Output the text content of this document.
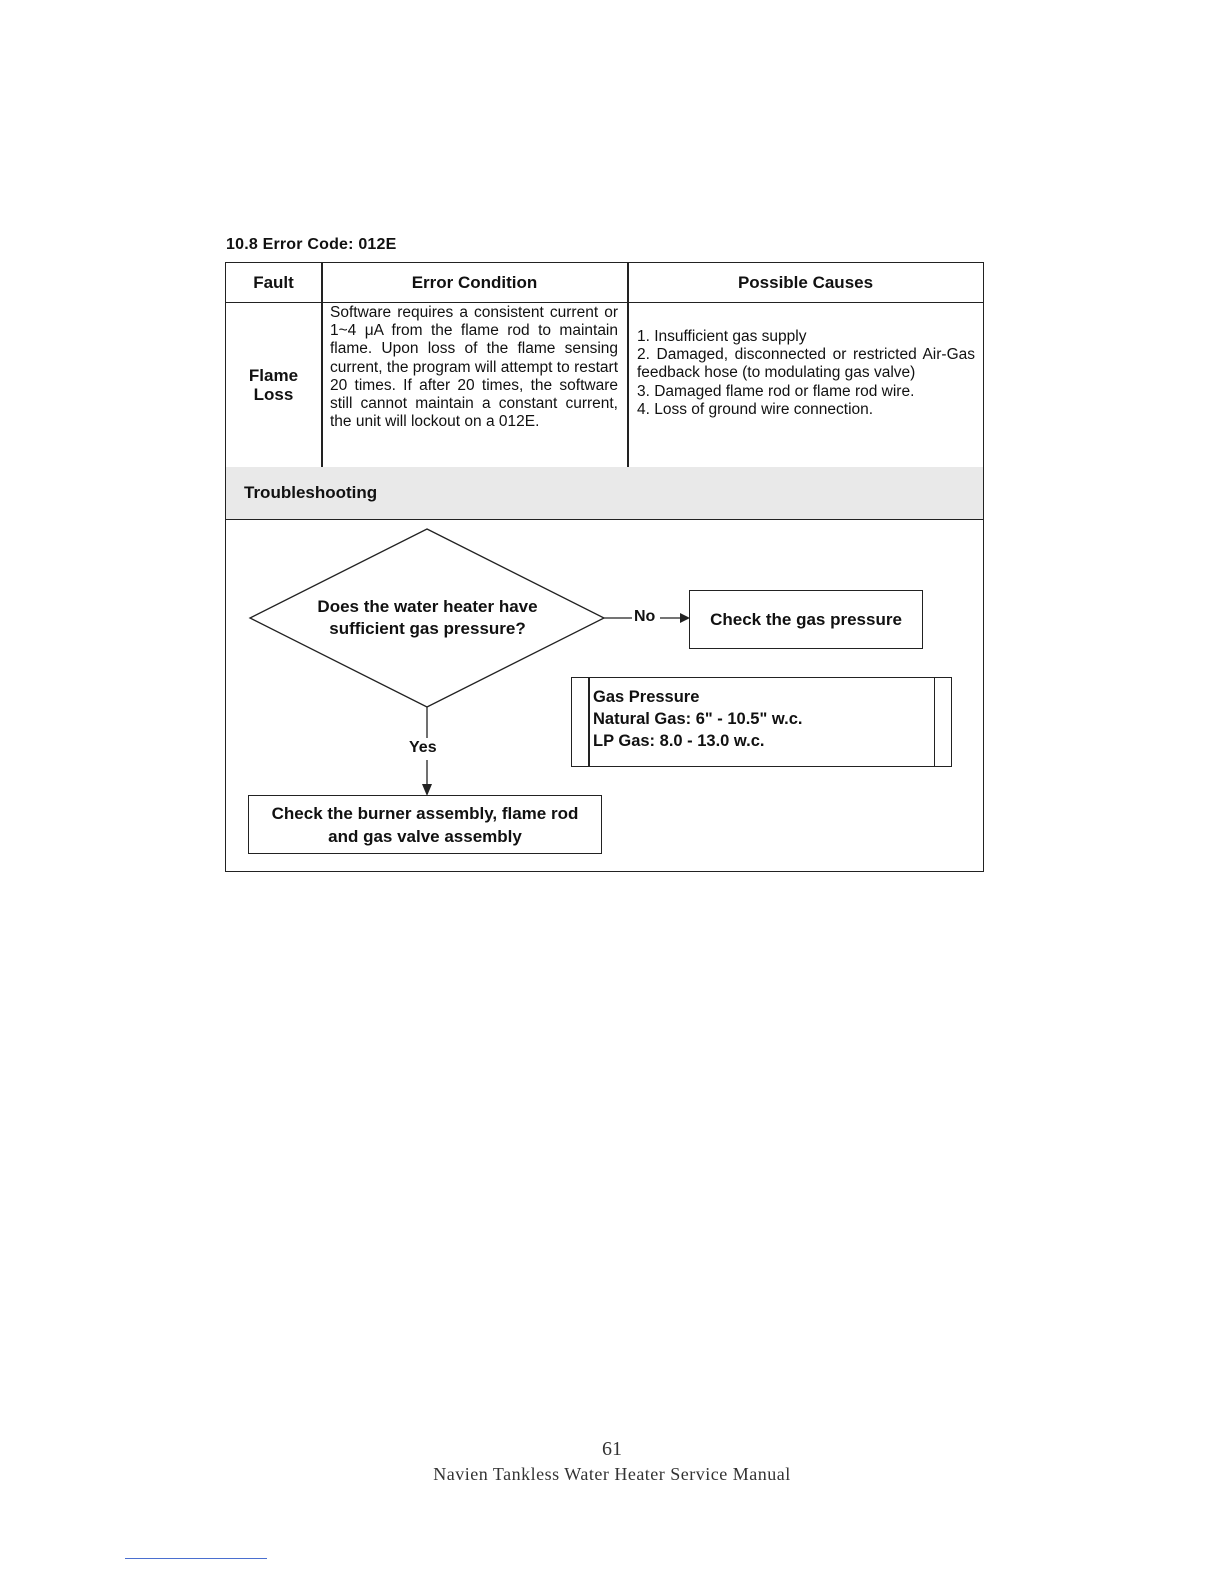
10.8 Error Code: 012E
Fault	Error Condition	Possible Causes
Flame
Loss
Software requires a consistent current or 1~4 μA from the flame rod to maintain flame. Upon loss of the flame sensing current, the program will attempt to restart 20 times. If after 20 times, the software still cannot maintain a constant current, the unit will lockout on a 012E.
1. Insufficient gas supply
2. Damaged, disconnected or restricted Air-Gas feedback hose (to modulating gas valve)
3. Damaged flame rod or flame rod wire.
4. Loss of ground wire connection.
Troubleshooting
Does the water heater have sufficient gas pressure?
No
Yes
Check the gas pressure
Gas Pressure
Natural Gas: 6" - 10.5" w.c.
LP Gas: 8.0 - 13.0 w.c.
Check the burner assembly, flame rod and gas valve assembly
61
Navien Tankless Water Heater Service Manual
